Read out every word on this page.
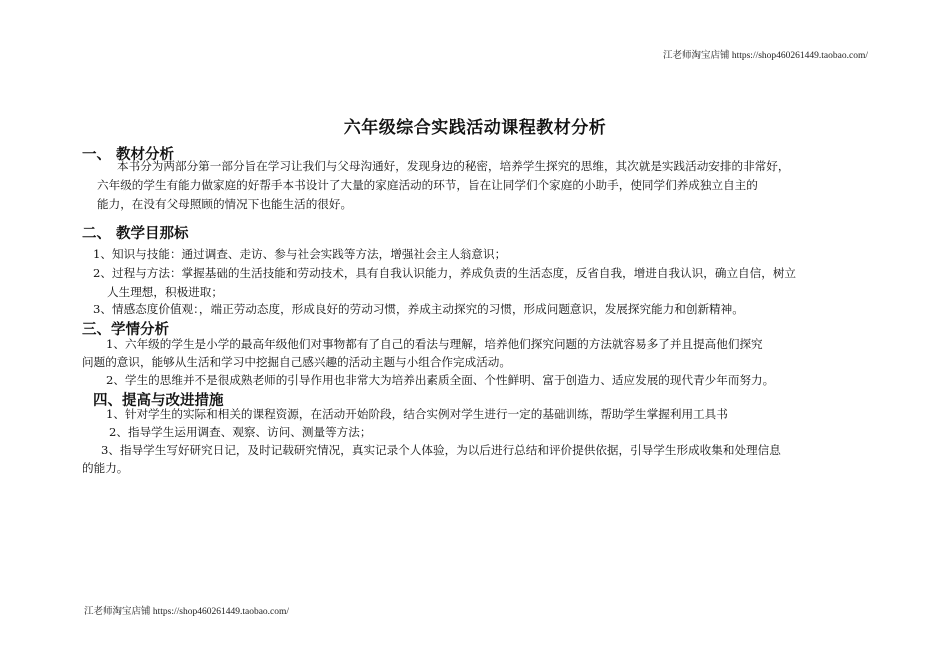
江老师淘宝店铺 https://shop460261449.taobao.com/
六年级综合实践活动课程教材分析
一、 教材分析
本书分为两部分第一部分旨在学习让我们与父母沟通好，发现身边的秘密，培养学生探究的思维，其次就是实践活动安排的非常好，
六年级的学生有能力做家庭的好帮手本书设计了大量的家庭活动的环节，旨在让同学们个家庭的小助手，使同学们养成独立自主的
能力，在没有父母照顾的情况下也能生活的很好。
二、 教学目那标
1、知识与技能：通过调查、走访、参与社会实践等方法，增强社会主人翁意识；
2、过程与方法：掌握基础的生活技能和劳动技术，具有自我认识能力，养成负责的生活态度，反省自我，增进自我认识，确立自信，树立
人生理想，积极进取；
3、情感态度价值观：，端正劳动态度，形成良好的劳动习惯，养成主动探究的习惯，形成问题意识，发展探究能力和创新精神。
三、学情分析
1、六年级的学生是小学的最高年级他们对事物都有了自己的看法与理解，培养他们探究问题的方法就容易多了并且提高他们探究
问题的意识，能够从生活和学习中挖掘自己感兴趣的活动主题与小组合作完成活动。
2、学生的思维并不是很成熟老师的引导作用也非常大为培养出素质全面、个性鲜明、富于创造力、适应发展的现代青少年而努力。
四、提高与改进措施
1、针对学生的实际和相关的课程资源，在活动开始阶段，结合实例对学生进行一定的基础训练，帮助学生掌握利用工具书
2、指导学生运用调查、观察、访问、测量等方法；
3、指导学生写好研究日记，及时记载研究情况，真实记录个人体验，为以后进行总结和评价提供依据，引导学生形成收集和处理信息
的能力。
江老师淘宝店铺 https://shop460261449.taobao.com/
